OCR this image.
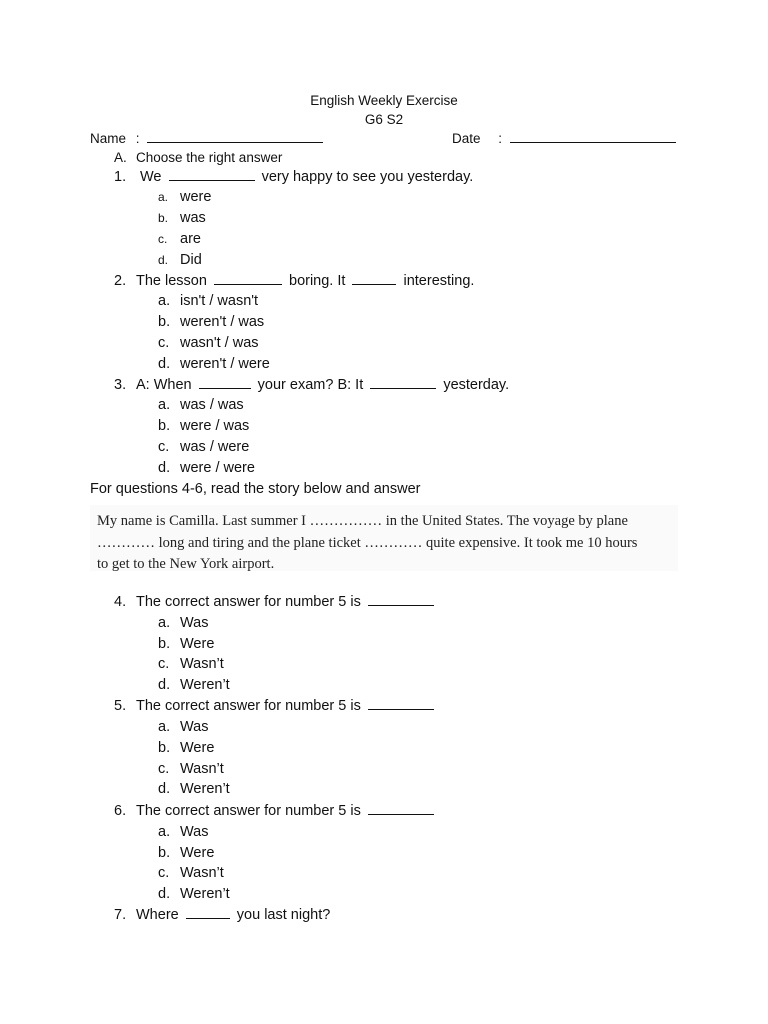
English Weekly Exercise
G6 S2
Name :	Date :
A. Choose the right answer
1. We	very happy to see you yesterday.
a. were
b. was
c. are
d. Did
2. The lesson	boring. It	interesting.
a. isn't / wasn't
b. weren't / was
c. wasn't / was
d. weren't / were
3. A: When	your exam? B: It	yesterday.
a. was / was
b. were / was
c. was / were
d. were / were
For questions 4-6, read the story below and answer
My name is Camilla. Last summer I …………… in the United States. The voyage by plane
………… long and tiring and the plane ticket ………… quite expensive. It took me 10 hours
to get to the New York airport.
4. The correct answer for number 5 is
a. Was
b. Were
c. Wasn’t
d. Weren’t
5. The correct answer for number 5 is
a. Was
b. Were
c. Wasn’t
d. Weren’t
6. The correct answer for number 5 is
a. Was
b. Were
c. Wasn’t
d. Weren’t
7. Where	you last night?
